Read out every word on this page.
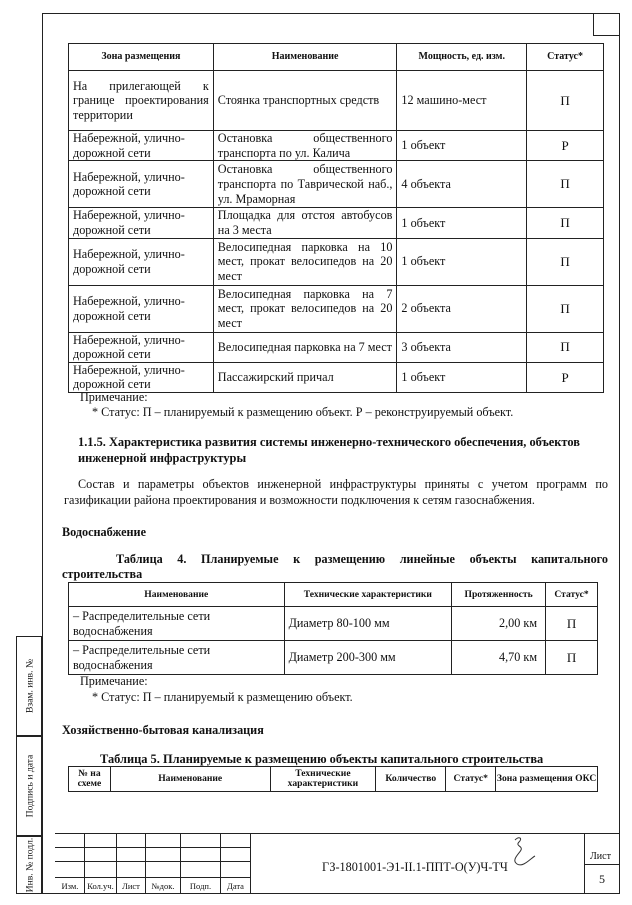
Зона размещения	Наименование	Мощность, ед. изм.	Статус*
На прилегающей к границе проектирования территории	Стоянка транспортных средств	12 машино-мест	П
Набережной, улично-дорожной сети	Остановка общественного транспорта по ул. Калича	1 объект	Р
Набережной, улично-дорожной сети	Остановка общественного транспорта по Таврической наб., ул. Мраморная	4 объекта	П
Набережной, улично-дорожной сети	Площадка для отстоя автобусов на 3 места	1 объект	П
Набережной, улично-дорожной сети	Велосипедная парковка на 10 мест, прокат велосипедов на 20 мест	1 объект	П
Набережной, улично-дорожной сети	Велосипедная парковка на 7 мест, прокат велосипедов на 20 мест	2 объекта	П
Набережной, улично-дорожной сети	Велосипедная парковка на 7 мест	3 объекта	П
Набережной, улично-дорожной сети	Пассажирский причал	1 объект	Р
Примечание:
* Статус: П – планируемый к размещению объект. Р – реконструируемый объект.
1.1.5. Характеристика развития системы инженерно-технического обеспечения, объектов инженерной инфраструктуры
Состав и параметры объектов инженерной инфраструктуры приняты с учетом программ по газификации района проектирования и возможности подключения к сетям газоснабжения.
Водоснабжение
Таблица 4. Планируемые к размещению линейные объекты капитального строительства
Наименование	Технические характеристики	Протяженность	Статус*
– Распределительные сети водоснабжения	Диаметр 80-100 мм	2,00 км	П
– Распределительные сети водоснабжения	Диаметр 200-300 мм	4,70 км	П
Примечание:
* Статус: П – планируемый к размещению объект.
Хозяйственно-бытовая канализация
Таблица 5. Планируемые к размещению объекты капитального строительства
№ на схеме	Наименование	Технические характеристики	Количество	Статус*	Зона размещения ОКС
Взам. инв. №
Подпись и дата
Инв. № подл.	Изм.	Кол.уч. Лист	№док.	Подп.	Дата
ГЗ-1801001-Э1-II.1-ППТ-О(У)Ч-ТЧ
Лист
5
